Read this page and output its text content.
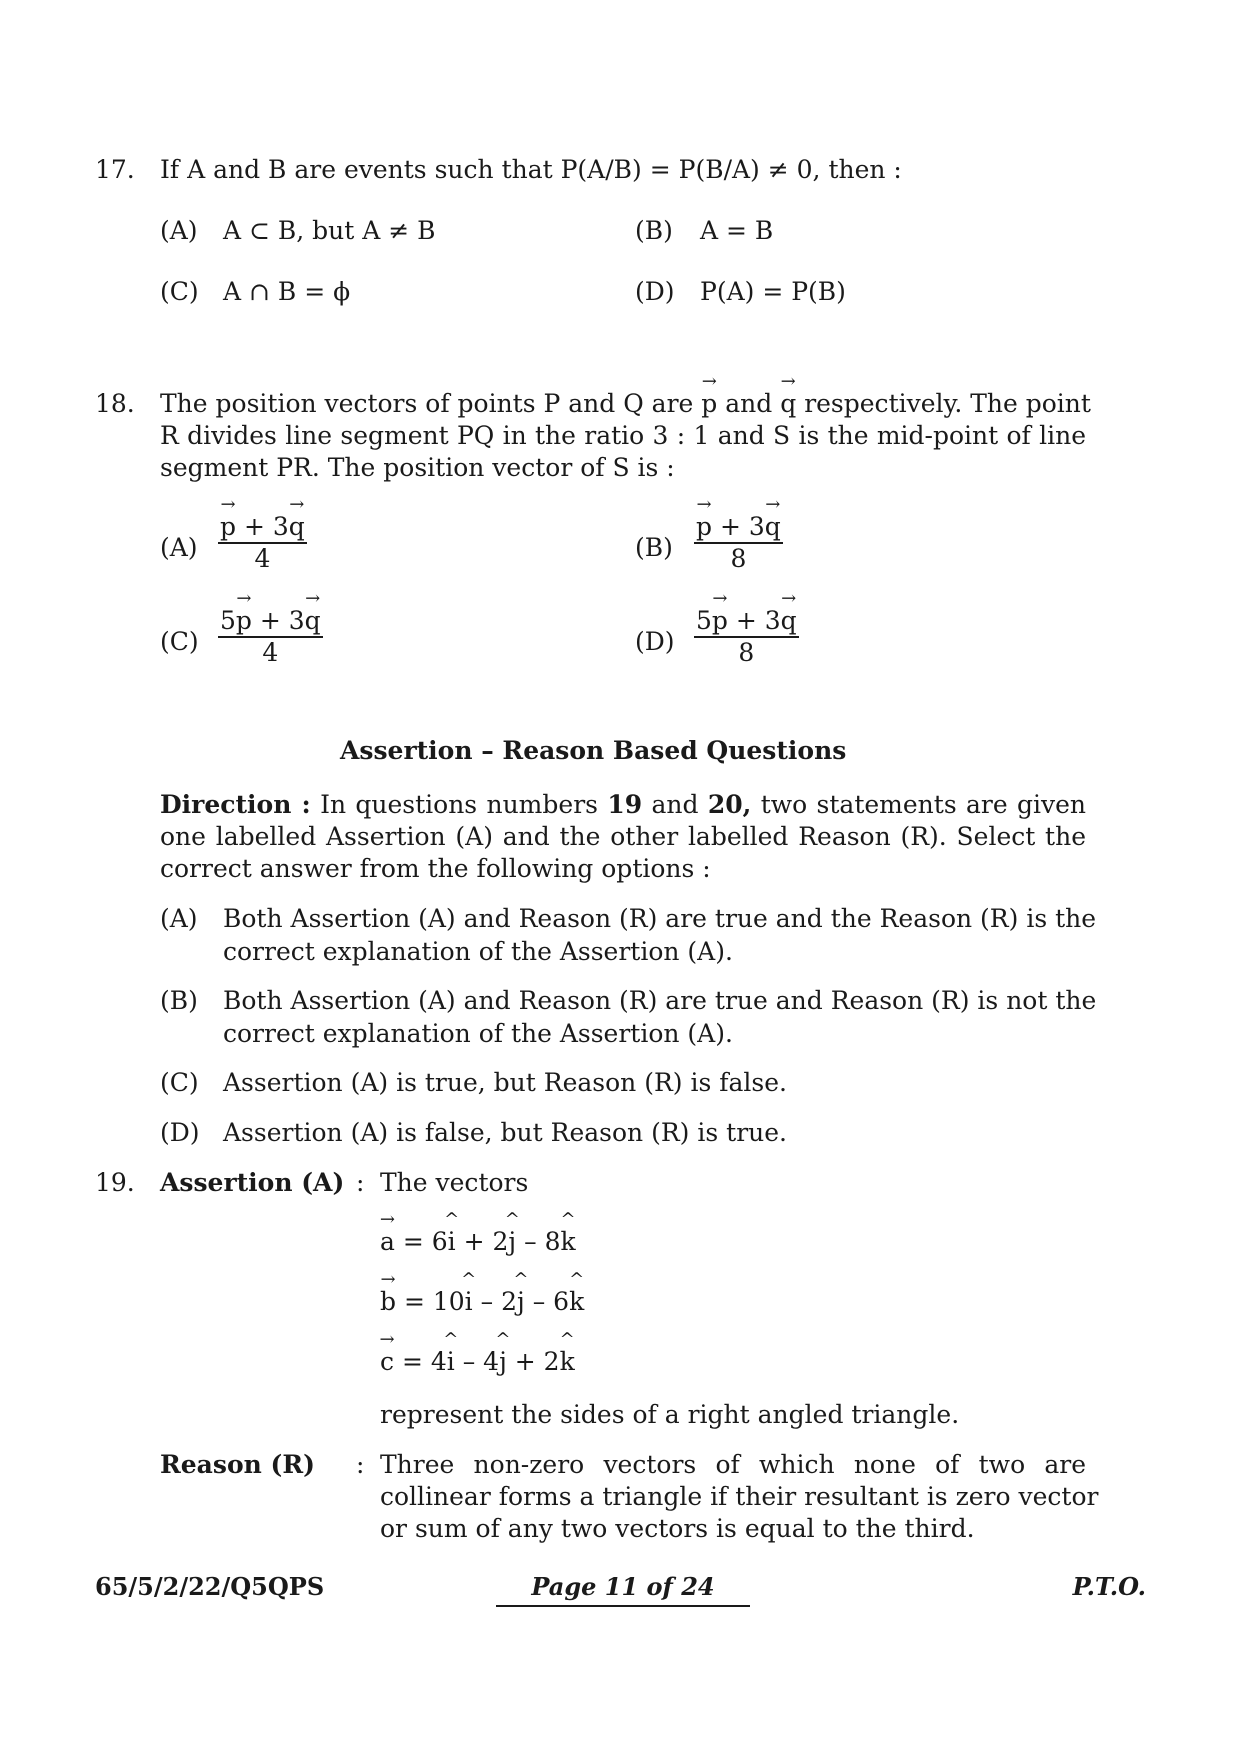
17. If A and B are events such that P(A/B) = P(B/A) ≠ 0, then :
(A) A ⊂ B, but A ≠ B	(B) A = B
(C) A ∩ B = ϕ	(D) P(A) = P(B)
18. The position vectors of points P and Q are → p and → q respectively. The point
R divides line segment PQ in the ratio 3 : 1 and S is the mid-point of line
segment PR. The position vector of S is :
(A)
→ $\frac{p + 3\to q}{4}$	(B)
→ $\frac{p + 3\to q}{8}$
$(C) \frac{5\to p + 3\to q}{4}$	$(D) \frac{5\to p + 3\to q}{8}$
Assertion – Reason Based Questions
Direction : In questions numbers 19 and 20, two statements are given
one labelled Assertion (A) and the other labelled Reason (R). Select the
correct answer from the following options :
(A) Both Assertion (A) and Reason (R) are true and the Reason (R) is the
correct explanation of the Assertion (A).
(B) Both Assertion (A) and Reason (R) are true and Reason (R) is not the
correct explanation of the Assertion (A).
(C) Assertion (A) is true, but Reason (R) is false.
(D) Assertion (A) is false, but Reason (R) is true.
19. Assertion (A) : The vectors
→ a = 6^ i + 2^ j – 8^ k
→ b = 10^ i – 2^ j – 6^ k
→ c = 4^ i – 4^ j + 2^ k
represent the sides of a right angled triangle.
Reason (R) : Three non-zero vectors of which none of two are
collinear forms a triangle if their resultant is zero vector
or sum of any two vectors is equal to the third.
65/5/2/22/Q5QPS	Page 11 of 24	P.T.O.
